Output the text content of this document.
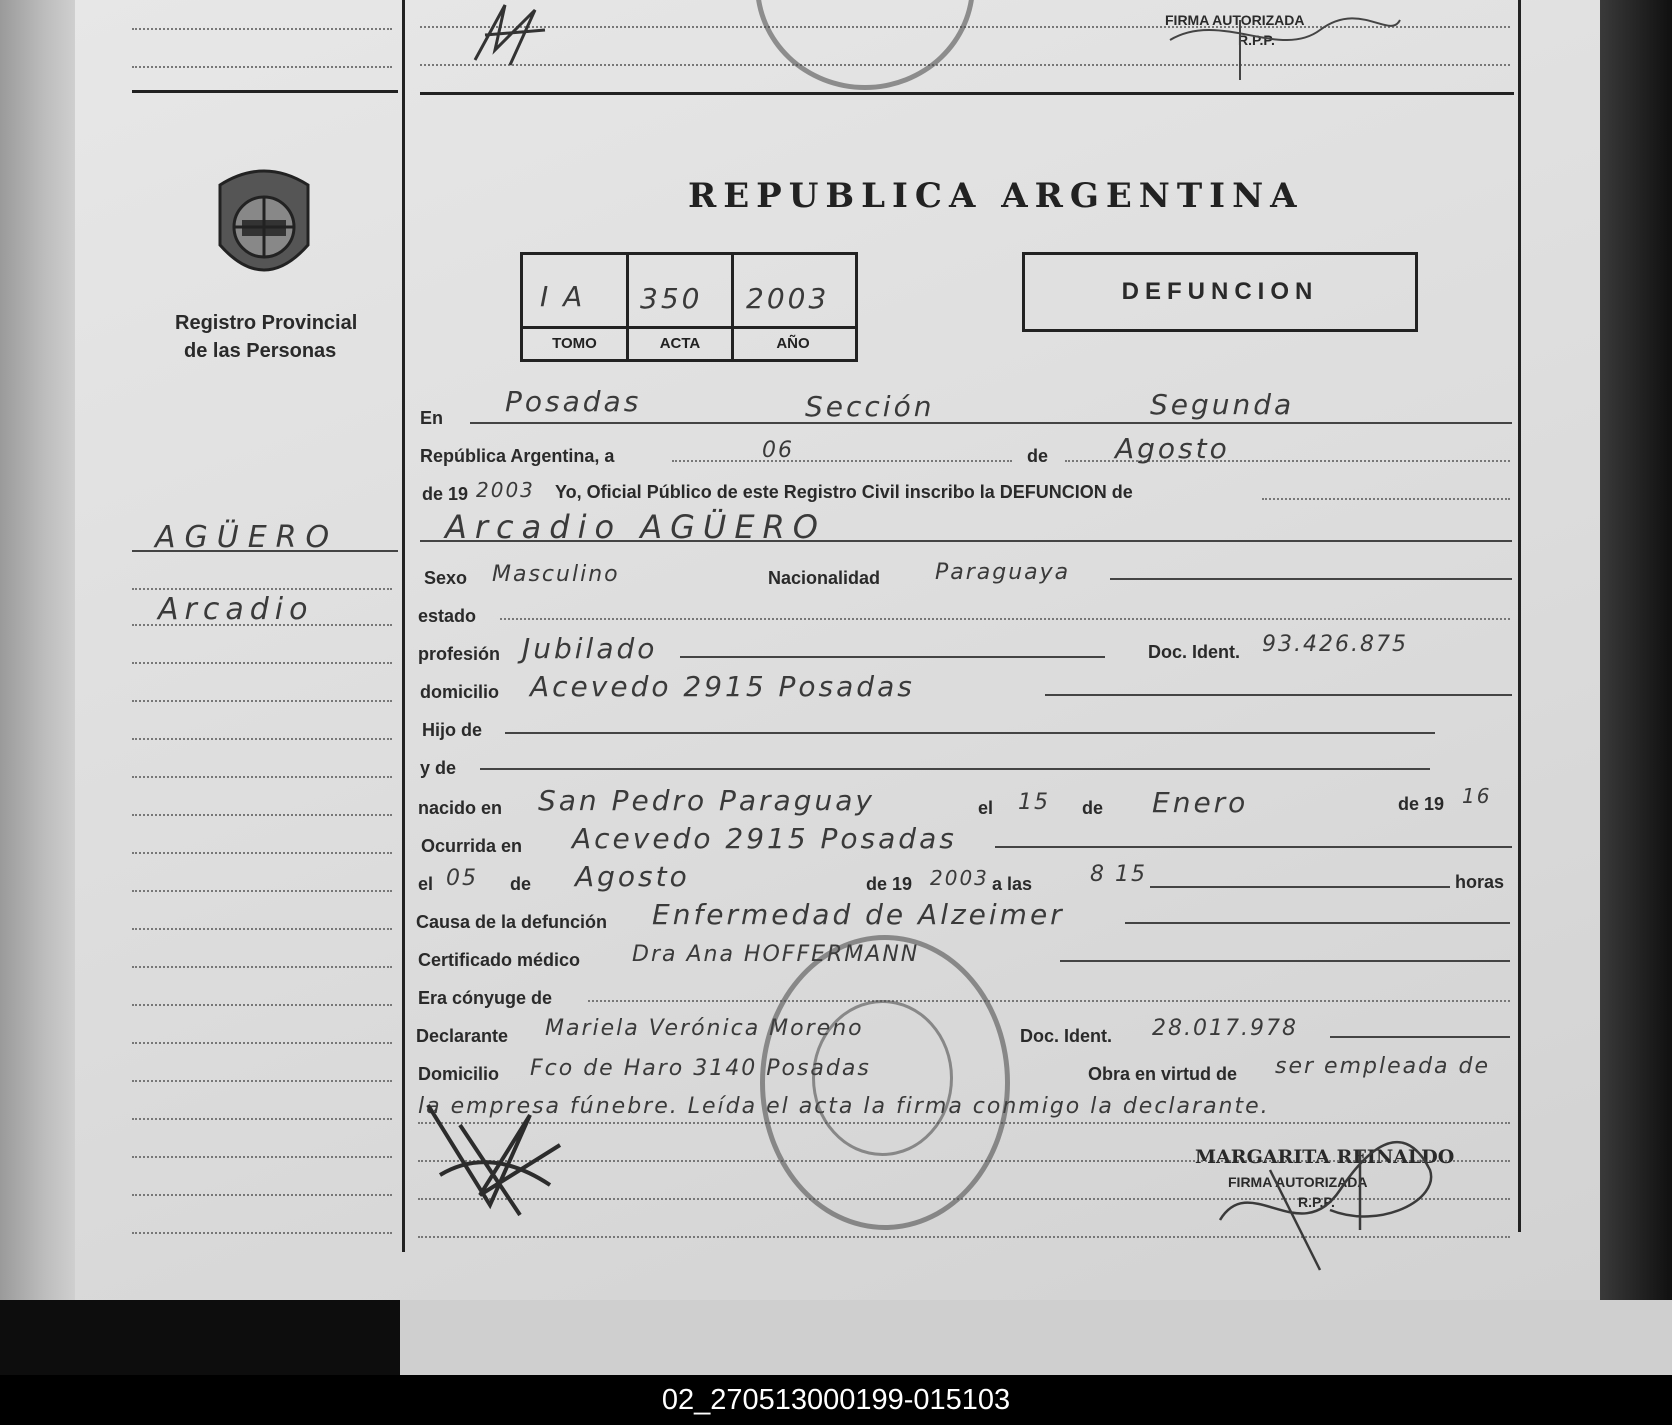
02_270513000199-015103
FIRMA AUTORIZADA
R.P.P.
Registro Provincial
de las Personas
REPUBLICA ARGENTINA
I A 350 2003
TOMO	ACTA	AÑO
DEFUNCION
AGÜERO
Arcadio
En Posadas	Sección	Segunda
República Argentina, a	de
06	Agosto
de 19 2003 Yo, Oficial Público de este Registro Civil inscribo la DEFUNCION de
Arcadio AGÜERO
Sexo Masculino	Nacionalidad Paraguaya
estado
profesión Jubilado	Doc. Ident. 93.426.875
domicilio Acevedo 2915 Posadas
Hijo de
y de
nacido en San Pedro Paraguay	el 15 de Enero	de 19 16
Ocurrida en Acevedo 2915 Posadas
el 05 de Agosto	de 19 2003 a las	8 15	horas
Causa de la defunción Enfermedad de Alzeimer
Certificado médico Dra Ana HOFFERMANN
Era cónyuge de
Declarante Mariela Verónica Moreno	Doc. Ident. 28.017.978
Domicilio Fco de Haro 3140 Posadas	Obra en virtud de ser empleada de
la empresa fúnebre. Leída el acta la firma conmigo la declarante.
MARGARITA REINALDO
FIRMA AUTORIZADA
R.P.P.
